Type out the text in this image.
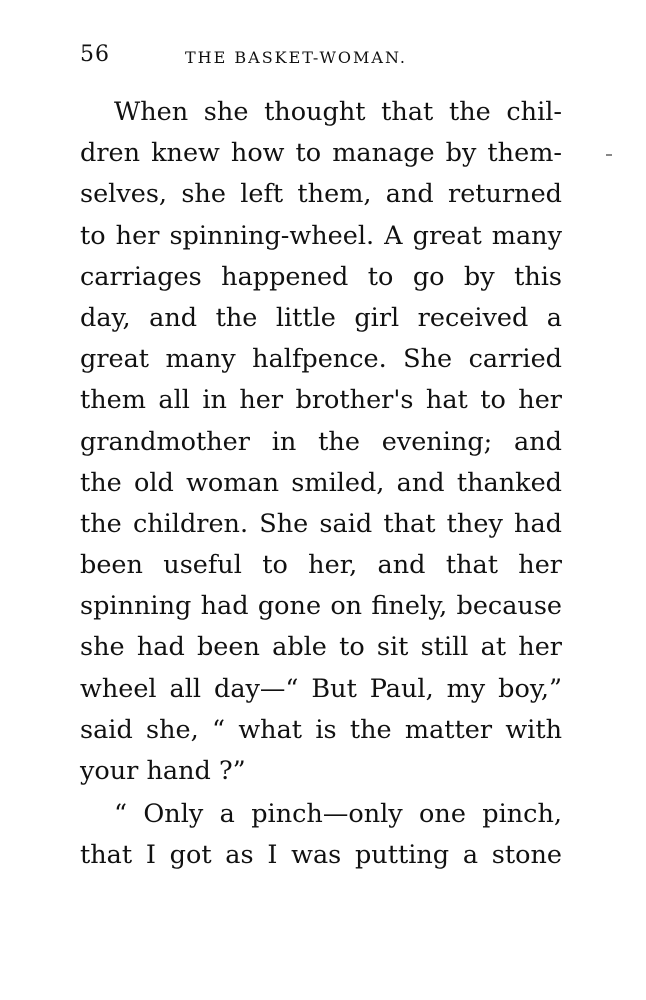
56	THE BASKET-WOMAN.
When she thought that the chil-
dren knew how to manage by them-
selves, she left them, and returned
to her spinning-wheel. A great many
carriages happened to go by this
day, and the little girl received a
great many halfpence. She carried
them all in her brother's hat to her
grandmother in the evening; and
the old woman smiled, and thanked
the children. She said that they had
been useful to her, and that her
spinning had gone on finely, because
she had been able to sit still at her
wheel all day—“ But Paul, my boy,”
said she, “ what is the matter with
your hand ?”
“ Only a pinch—only one pinch,
that I got as I was putting a stone
